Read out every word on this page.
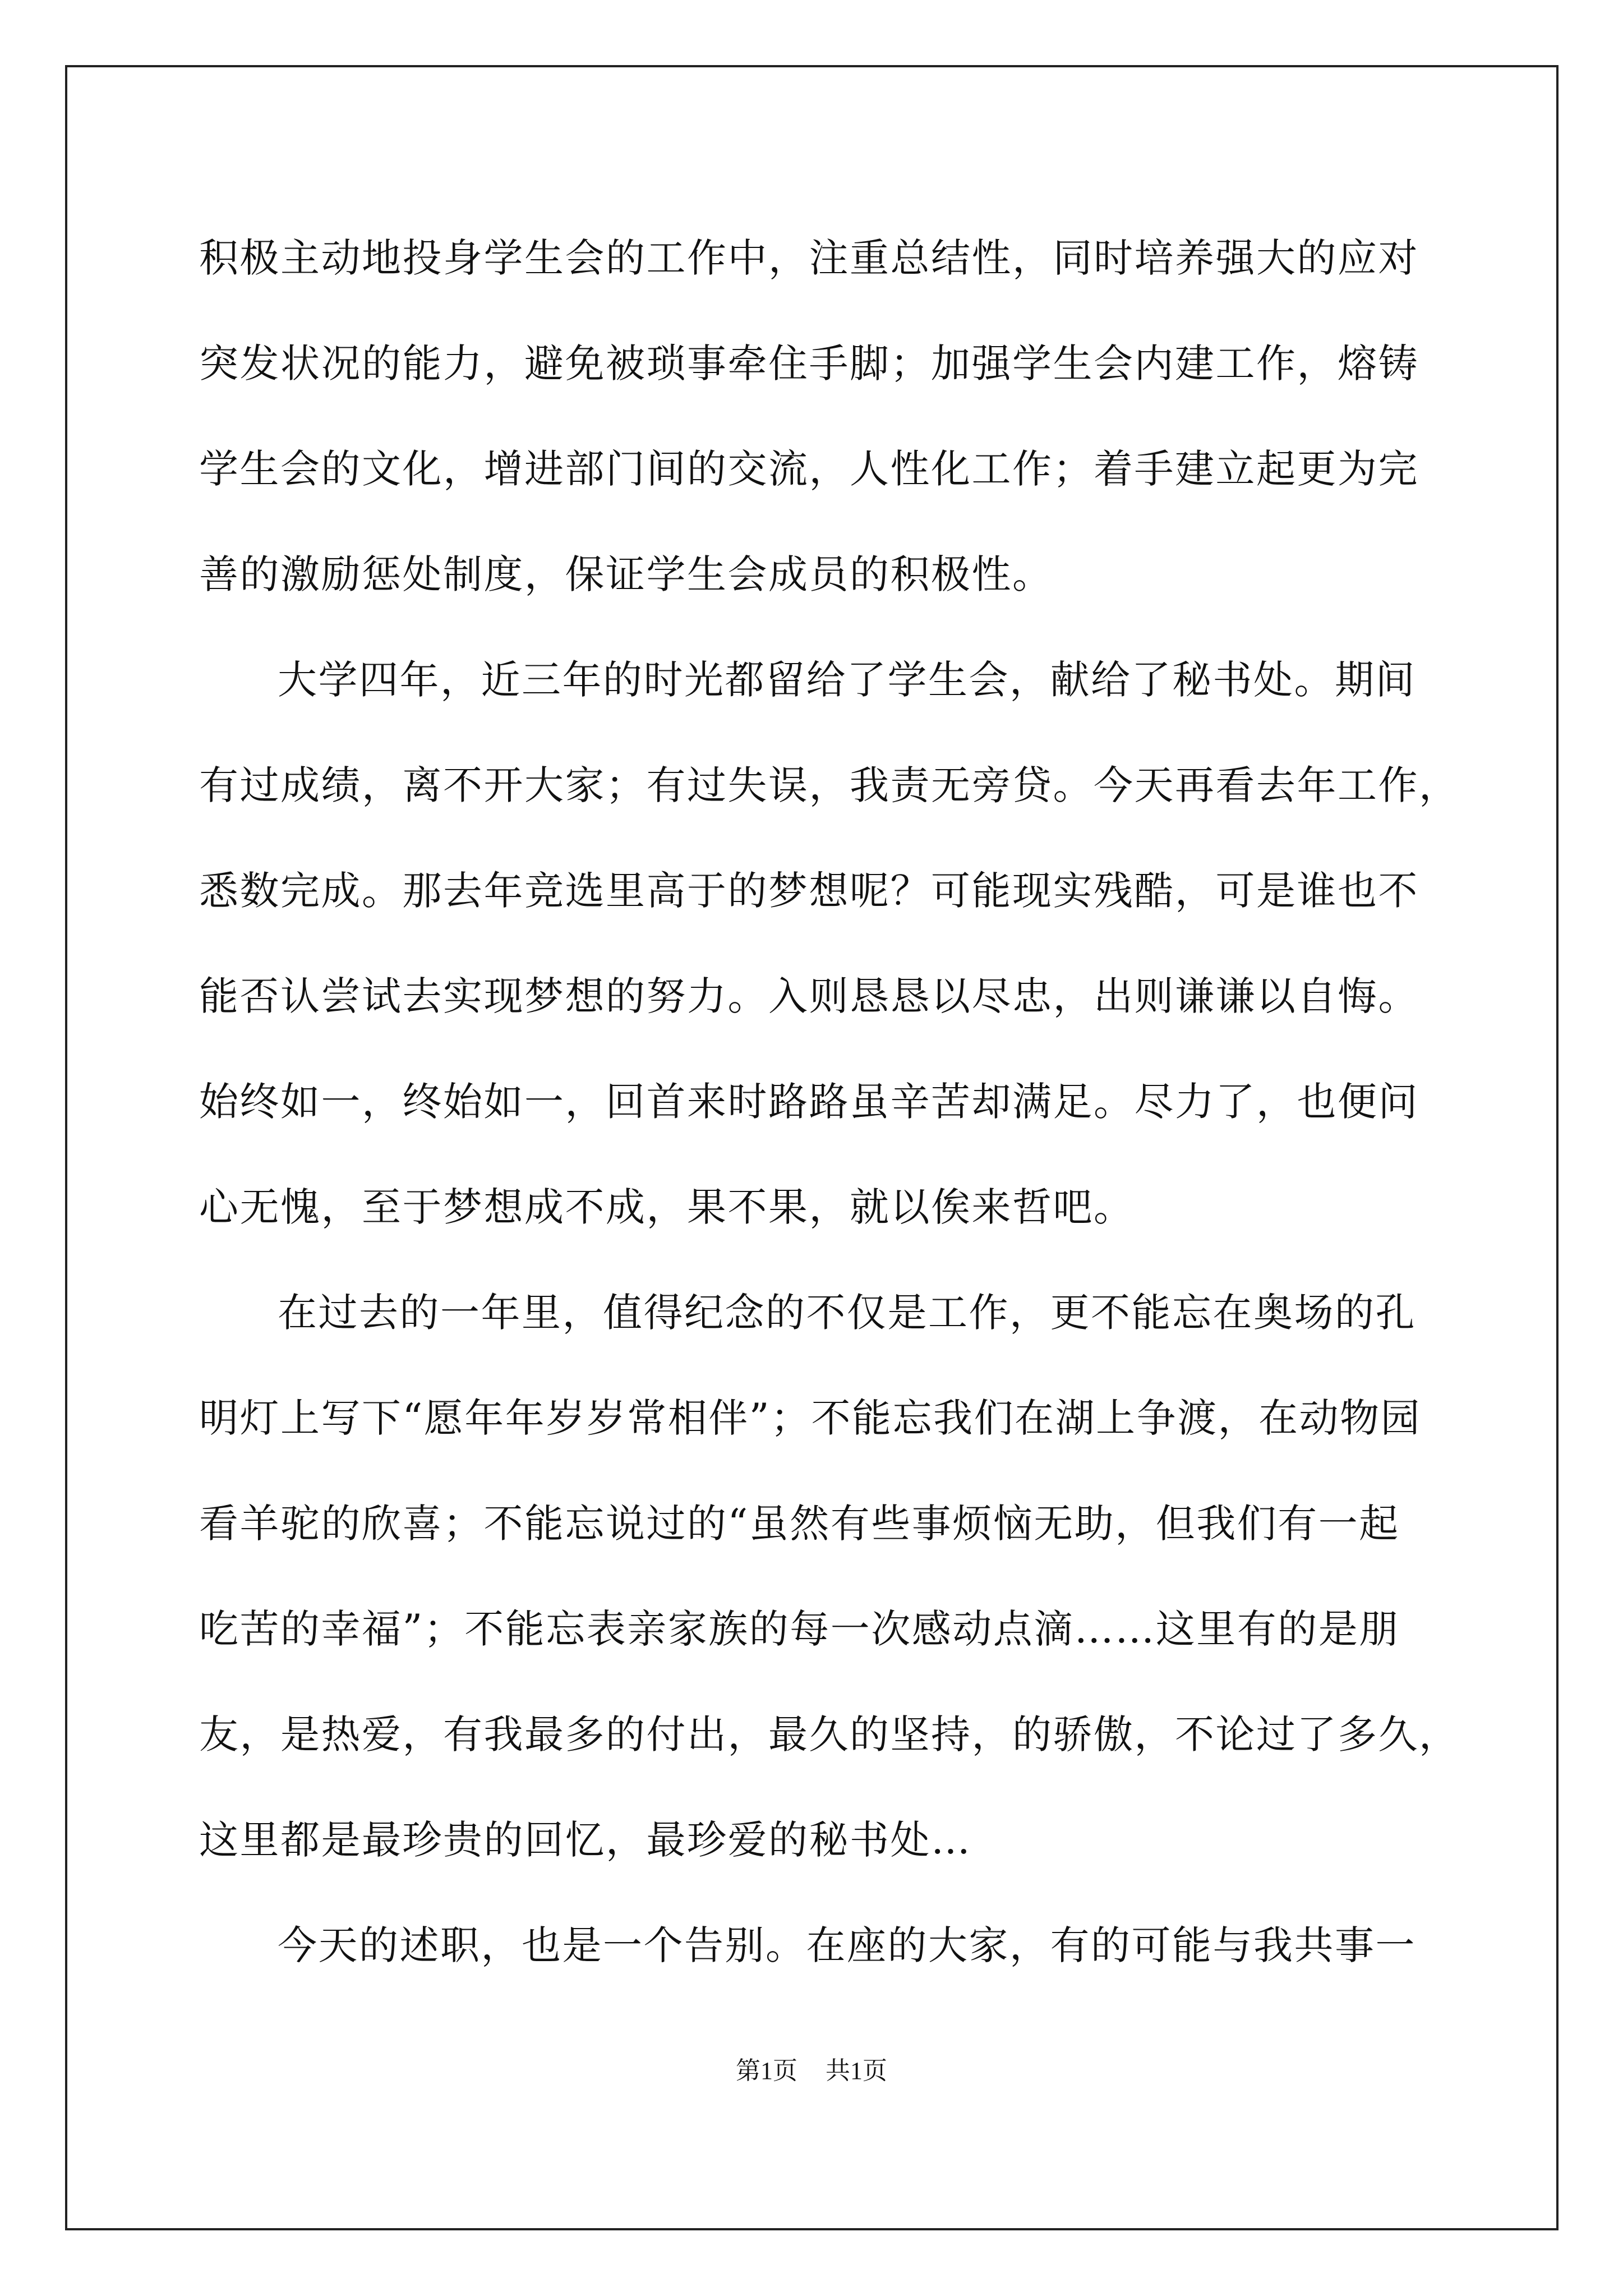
积极主动地投身学生会的工作中，注重总结性，同时培养强大的应对
突发状况的能力，避免被琐事牵住手脚；加强学生会内建工作，熔铸
学生会的文化，增进部门间的交流，人性化工作；着手建立起更为完
善的激励惩处制度，保证学生会成员的积极性。
大学四年，近三年的时光都留给了学生会，献给了秘书处。期间
有过成绩，离不开大家；有过失误，我责无旁贷。今天再看去年工作，
悉数完成。那去年竞选里高于的梦想呢？可能现实残酷，可是谁也不
能否认尝试去实现梦想的努力。入则恳恳以尽忠，出则谦谦以自悔。
始终如一，终始如一，回首来时路路虽辛苦却满足。尽力了，也便问
心无愧，至于梦想成不成，果不果，就以俟来哲吧。
在过去的一年里，值得纪念的不仅是工作，更不能忘在奥场的孔
明灯上写下“愿年年岁岁常相伴”；不能忘我们在湖上争渡，在动物园
看羊驼的欣喜；不能忘说过的“虽然有些事烦恼无助，但我们有一起
吃苦的幸福”；不能忘表亲家族的每一次感动点滴……这里有的是朋
友，是热爱，有我最多的付出，最久的坚持，的骄傲，不论过了多久，
这里都是最珍贵的回忆，最珍爱的秘书处…
今天的述职，也是一个告别。在座的大家，有的可能与我共事一
第1页 共1页
